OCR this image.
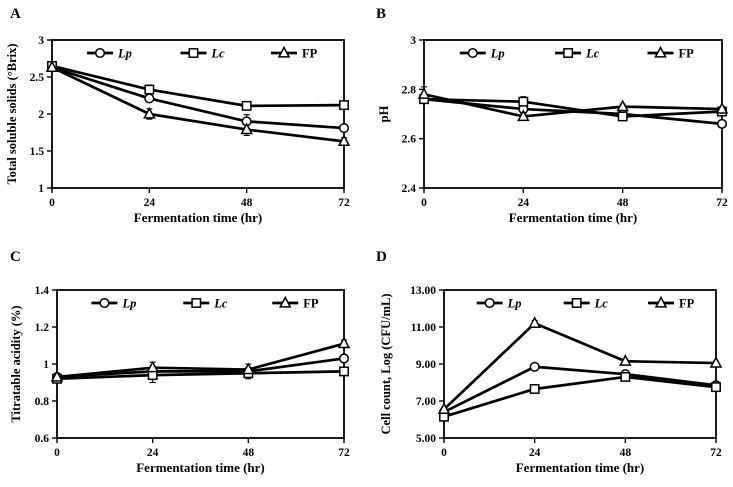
A
1
1.5
2
2.5
3
0	24	48	72
Fermentation time (hr)
Total soluble solids (°Brix)	Lp	Lc	FP
B
2.4
2.6
2.8
3
0	24	48	72
Fermentation time (hr)
pH
Lp	Lc	FP
C
0.6
0.8
1
1.2
1.4
0	24	48	72
Fermentation time (hr)
Titratable acidity (%)
Lp	Lc	FP
D
5.00
7.00
9.00
11.00
13.00
0	24	48	72
Fermentation time (hr)
Cell count, Log (CFU/mL)	Lp	Lc	FP
